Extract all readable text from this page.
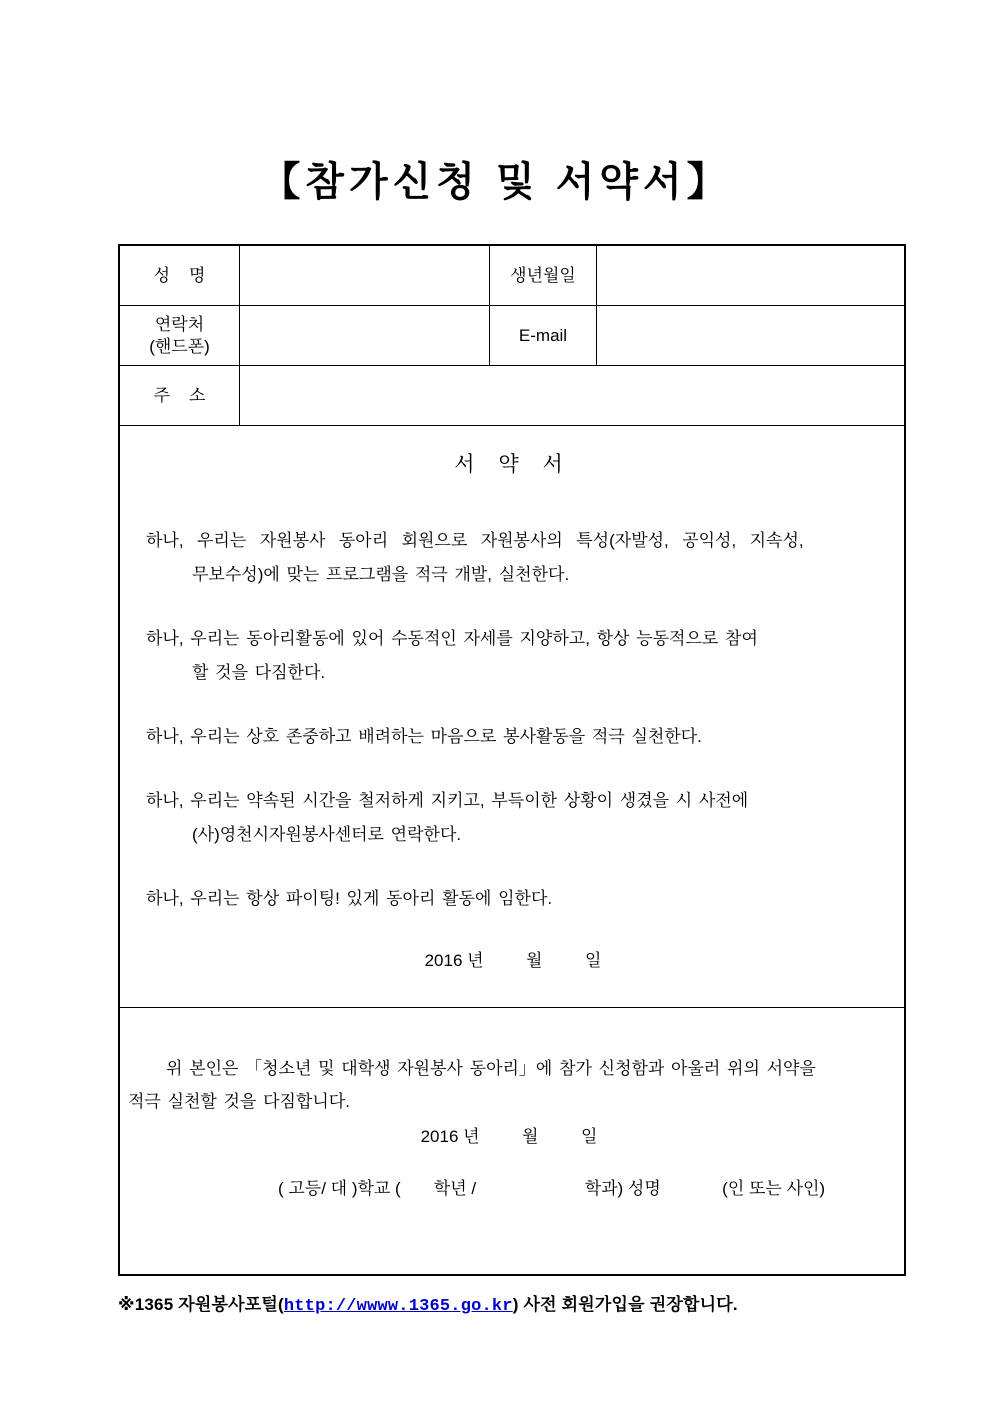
【참가신청 및 서약서】
성    명	생년월일
연락처
(핸드폰)
E-mail
주    소
서 약 서
하나,  우리는  자원봉사  동아리  회원으로  자원봉사의  특성(자발성,  공익성,  지속성,
무보수성)에 맞는 프로그램을 적극 개발, 실천한다.
하나, 우리는 동아리활동에 있어 수동적인 자세를 지양하고, 항상 능동적으로 참여
할 것을 다짐한다.
하나, 우리는 상호 존중하고 배려하는 마음으로 봉사활동을 적극 실천한다.
하나, 우리는 약속된 시간을 철저하게 지키고, 부득이한 상황이 생겼을 시 사전에
(사)영천시자원봉사센터로 연락한다.
하나, 우리는 항상 파이팅! 있게 동아리 활동에 임한다.
2016 년         월         일
위 본인은 「청소년 및 대학생 자원봉사 동아리」에 참가 신청함과 아울러 위의 서약을
적극 실천할 것을 다짐합니다.
2016 년         월         일
( 고등/ 대 )학교 (       학년 /                       학과) 성명             (인 또는 사인)
※1365 자원봉사포털(http://wwww.1365.go.kr) 사전 회원가입을 권장합니다.
